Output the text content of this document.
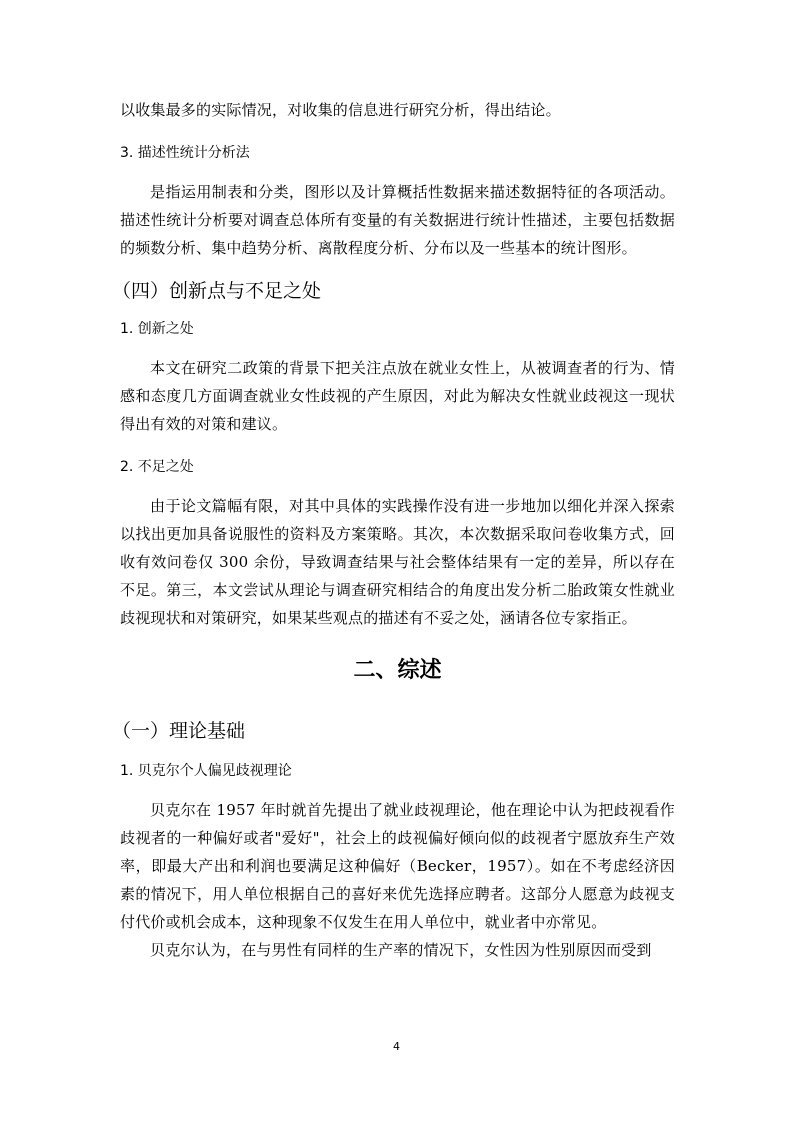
以收集最多的实际情况，对收集的信息进行研究分析，得出结论。

3. 描述性统计分析法

是指运用制表和分类，图形以及计算概括性数据来描述数据特征的各项活动。描述性统计分析要对调查总体所有变量的有关数据进行统计性描述，主要包括数据的频数分析、集中趋势分析、离散程度分析、分布以及一些基本的统计图形。

（四）创新点与不足之处

1. 创新之处

本文在研究二政策的背景下把关注点放在就业女性上，从被调查者的行为、情感和态度几方面调查就业女性歧视的产生原因，对此为解决女性就业歧视这一现状得出有效的对策和建议。

2. 不足之处

由于论文篇幅有限，对其中具体的实践操作没有进一步地加以细化并深入探索以找出更加具备说服性的资料及方案策略。其次，本次数据采取问卷收集方式，回收有效问卷仅 300 余份，导致调查结果与社会整体结果有一定的差异，所以存在不足。第三，本文尝试从理论与调查研究相结合的角度出发分析二胎政策女性就业歧视现状和对策研究，如果某些观点的描述有不妥之处，涵请各位专家指正。

二、综述

（一）理论基础

1. 贝克尔个人偏见歧视理论

贝克尔在 1957 年时就首先提出了就业歧视理论，他在理论中认为把歧视看作歧视者的一种偏好或者"爱好"，社会上的歧视偏好倾向似的歧视者宁愿放弃生产效率，即最大产出和利润也要满足这种偏好（Becker，1957）。如在不考虑经济因素的情况下，用人单位根据自己的喜好来优先选择应聘者。这部分人愿意为歧视支付代价或机会成本，这种现象不仅发生在用人单位中，就业者中亦常见。

贝克尔认为，在与男性有同样的生产率的情况下，女性因为性别原因而受到

4
